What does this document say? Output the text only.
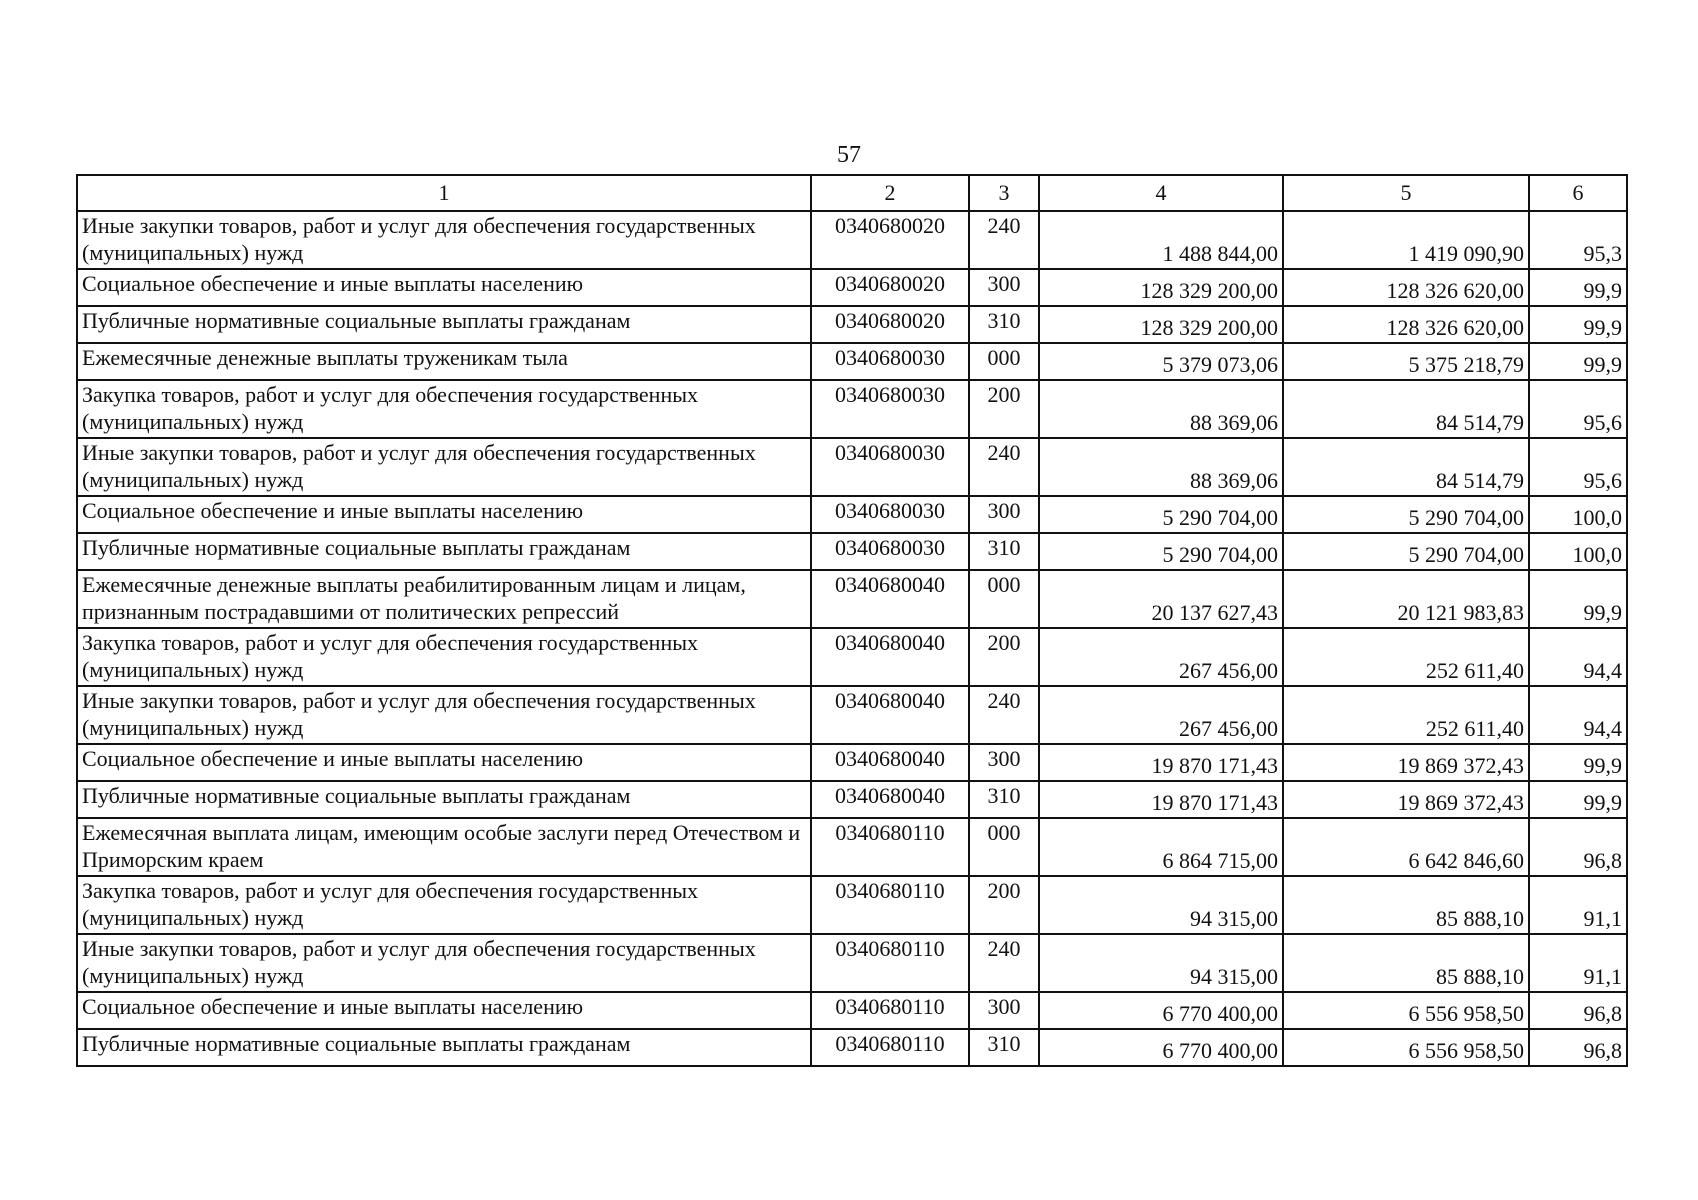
57
1	2	3	4	5	6
Иные закупки товаров, работ и услуг для обеспечения государственных (муниципальных) нужд	0340680020	240	1 488 844,00	1 419 090,90	95,3
Социальное обеспечение и иные выплаты населению	0340680020	300	128 329 200,00	128 326 620,00	99,9
Публичные нормативные социальные выплаты гражданам	0340680020	310	128 329 200,00	128 326 620,00	99,9
Ежемесячные денежные выплаты труженикам тыла	0340680030	000	5 379 073,06	5 375 218,79	99,9
Закупка товаров, работ и услуг для обеспечения государственных (муниципальных) нужд	0340680030	200	88 369,06	84 514,79	95,6
Иные закупки товаров, работ и услуг для обеспечения государственных (муниципальных) нужд	0340680030	240	88 369,06	84 514,79	95,6
Социальное обеспечение и иные выплаты населению	0340680030	300	5 290 704,00	5 290 704,00	100,0
Публичные нормативные социальные выплаты гражданам	0340680030	310	5 290 704,00	5 290 704,00	100,0
Ежемесячные денежные выплаты реабилитированным лицам и лицам, признанным пострадавшими от политических репрессий	0340680040	000	20 137 627,43	20 121 983,83	99,9
Закупка товаров, работ и услуг для обеспечения государственных (муниципальных) нужд	0340680040	200	267 456,00	252 611,40	94,4
Иные закупки товаров, работ и услуг для обеспечения государственных (муниципальных) нужд	0340680040	240	267 456,00	252 611,40	94,4
Социальное обеспечение и иные выплаты населению	0340680040	300	19 870 171,43	19 869 372,43	99,9
Публичные нормативные социальные выплаты гражданам	0340680040	310	19 870 171,43	19 869 372,43	99,9
Ежемесячная выплата лицам, имеющим особые заслуги перед Отечеством и Приморским краем	0340680110	000	6 864 715,00	6 642 846,60	96,8
Закупка товаров, работ и услуг для обеспечения государственных (муниципальных) нужд	0340680110	200	94 315,00	85 888,10	91,1
Иные закупки товаров, работ и услуг для обеспечения государственных (муниципальных) нужд	0340680110	240	94 315,00	85 888,10	91,1
Социальное обеспечение и иные выплаты населению	0340680110	300	6 770 400,00	6 556 958,50	96,8
Публичные нормативные социальные выплаты гражданам	0340680110	310	6 770 400,00	6 556 958,50	96,8
